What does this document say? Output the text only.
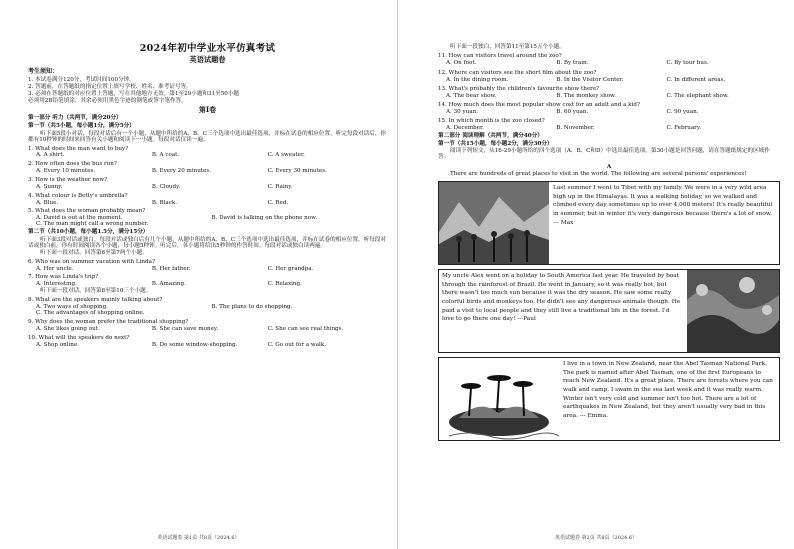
2024年初中学业水平仿真考试
英语试题卷
考生须知：
1. 本试卷满分120分，考试时间100分钟。
2. 答题前，在答题纸的指定位置上填写学校、姓名、准考证号等。
3. 必须在答题纸的对应位置上答题，写在其他地方无效。第1至29小题和31至50小题
必须用2B铅笔填涂，其余必须用黑色字迹的钢笔或签字笔作答。
第Ⅰ卷
第一部分 听力（共两节，满分20分）
第一节（共5小题，每小题1分，满分5分）
听下面5段小对话，每段对话后有一个小题，从题中所给的A、B、C三个选项中选出最佳选项，并标在试卷的相应位置。听完每段对话后，你都有10秒钟的时间来回答有关小题和阅读下一小题。每段对话仅读一遍。
1. What does the man want to buy?
A. A shirt.	B. A coat.	C. A sweater.
2. How often does the bus run?
A. Every 10 minutes.	B. Every 20 minutes.	C. Every 30 minutes.
3. How is the weather now?
A. Sunny.	B. Cloudy.	C. Rainy.
4. What colour is Betty's umbrella?
A. Blue.	B. Black.	C. Red.
5. What does the woman probably mean?
A. David is out at the moment.	B. David is talking on the phone now.
C. The man might call a wrong number.
第二节（共10小题，每小题1.5分，满分15分）
听下面3段对话或独白。每段对话或独白后有几个小题，从题中所给的A、B、C三个选项中选出最佳选项，并标在试卷的相应位置。听每段对话或独白前，你有时间阅读各个小题，每小题5秒钟。听完后，各小题将给出5秒钟的作答时间。每段对话或独白读两遍。
听下面一段对话，回答第6至第7两个小题。
6. Who was on summer vacation with Linda?
A. Her uncle.	B. Her father.	C. Her grandpa.
7. How was Linda's trip?
A. Interesting.	B. Amazing.	C. Relaxing.
听下面一段对话，回答第8至第10三个小题。
8. What are the speakers mainly talking about?
A. Two ways of shopping.	B. The plans to do shopping.
C. The advantages of shopping online.
9. Why does the woman prefer the traditional shopping?
A. She likes going out.	B. She can save money.	C. She can see real things.
10. What will the speakers do next?
A. Shop online.	B. Do some window-shopping.	C. Go out for a walk.
英语试题卷 第1页 共8页（2024.6）
听下面一段独白，回答第11至第15五个小题。
11. How can visitors travel around the zoo?
A. On foot.	B. By train.	C. By tour bus.
12. Where can visitors see the short film about the zoo?
A. In the dining room.	B. In the Visitor Center.	C. In different areas.
13. What's probably the children's favourite show there?
A. The bear show.	B. The monkey show.	C. The elephant show.
14. How much does the most popular show cost for an adult and a kid?
A. 30 yuan.	B. 60 yuan.	C. 90 yuan.
15. In which month is the zoo closed?
A. December.	B. November.	C. February.
第二部分 阅读理解（共两节，满分40分）
第一节（共15小题，每小题2分，满分30分）
阅读下列短文，从16-29小题所给的四个选项（A、B、C和D）中选出最佳选项。第30小题是回答问题，请在答题纸规定的区域作答。
A
There are hundreds of great places to visit in the world. The following are several persons' experiences!
Last summer I went to Tibet with my family. We were in a very wild area high up in the Himalayas. It was a walking holiday, so we walked and climbed every day sometimes up to over 4,000 meters! It's really beautiful in summer, but in winter it's very dangerous because there's a lot of snow. --- Max
My uncle Alex went on a holiday to South America last year. He traveled by boat through the rainforest of Brazil. He went in January, so it was really hot, but there wasn't too much sun because it was the dry season. He saw some really colorful birds and monkeys too. He didn't see any dangerous animals though. He paid a visit to local people and they still live a traditional life in the forest. I'd love to go there one day! ---Paul
I live in a town in New Zealand, near the Abel Tasman National Park. The park is named after Abel Tasman, one of the first Europeans to reach New Zealand. It's a great place. There are forests where you can walk and camp. I swam in the sea last week and it was really warm. Winter isn't very cold and summer isn't too hot. There are a lot of earthquakes in New Zealand, but they aren't usually very bad in this area. --- Emma.
英语试题卷 第2页 共8页（2024.6）
